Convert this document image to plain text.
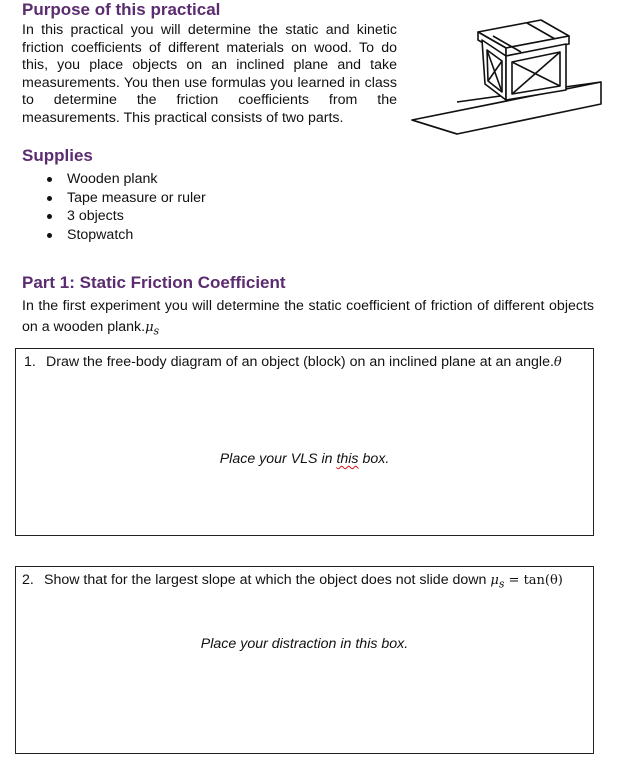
Purpose of this practical

In this practical you will determine the static and kinetic friction coefficients of different materials on wood. To do this, you place objects on an inclined plane and take measurements. You then use formulas you learned in class to determine the friction coefficients from the measurements. This practical consists of two parts.

Supplies
Wooden plank
Tape measure or ruler
3 objects
Stopwatch
Part 1: Static Friction Coefficient

In the first experiment you will determine the static coefficient of friction of different objects on a wooden $plank.\mu_s$

1. Draw the free-body diagram of an object (block) on an inclined plane at an angle.θ
Place your VLS in this box.
2. Show that for the largest slope at which the object does not slide down $\mu_s = \tan(\theta)$
Place your distraction in this box.
